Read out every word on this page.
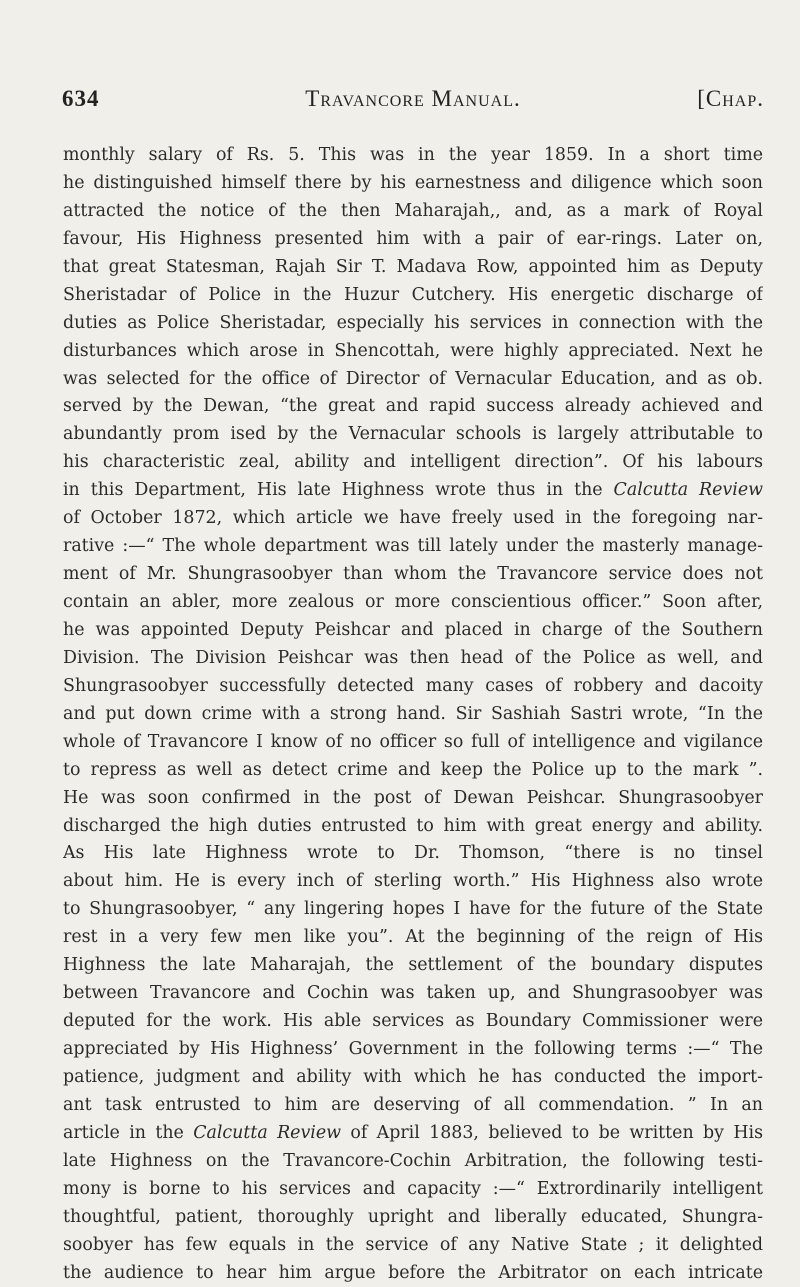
634	Travancore Manual.	[Chap.
monthly salary of Rs. 5. This was in the year 1859. In a short time
he distinguished himself there by his earnestness and diligence which soon
attracted the notice of the then Maharajah,, and, as a mark of Royal
favour, His Highness presented him with a pair of ear-rings. Later on,
that great Statesman, Rajah Sir T. Madava Row, appointed him as Deputy
Sheristadar of Police in the Huzur Cutchery. His energetic discharge of
duties as Police Sheristadar, especially his services in connection with the
disturbances which arose in Shencottah, were highly appreciated. Next he
was selected for the office of Director of Vernacular Education, and as ob.
served by the Dewan, “the great and rapid success already achieved and
abundantly prom ised by the Vernacular schools is largely attributable to
his characteristic zeal, ability and intelligent direction”. Of his labours
in this Department, His late Highness wrote thus in the Calcutta Review
of October 1872, which article we have freely used in the foregoing nar-
rative :—“ The whole department was till lately under the masterly manage-
ment of Mr. Shungrasoobyer than whom the Travancore service does not
contain an abler, more zealous or more conscientious officer.” Soon after,
he was appointed Deputy Peishcar and placed in charge of the Southern
Division. The Division Peishcar was then head of the Police as well, and
Shungrasoobyer successfully detected many cases of robbery and dacoity
and put down crime with a strong hand. Sir Sashiah Sastri wrote, “In the
whole of Travancore I know of no officer so full of intelligence and vigilance
to repress as well as detect crime and keep the Police up to the mark ”.
He was soon confirmed in the post of Dewan Peishcar. Shungrasoobyer
discharged the high duties entrusted to him with great energy and ability.
As His late Highness wrote to Dr. Thomson, “there is no tinsel
about him. He is every inch of sterling worth.” His Highness also wrote
to Shungrasoobyer, “ any lingering hopes I have for the future of the State
rest in a very few men like you”. At the beginning of the reign of His
Highness the late Maharajah, the settlement of the boundary disputes
between Travancore and Cochin was taken up, and Shungrasoobyer was
deputed for the work. His able services as Boundary Commissioner were
appreciated by His Highness’ Government in the following terms :—“ The
patience, judgment and ability with which he has conducted the import-
ant task entrusted to him are deserving of all commendation. ” In an
article in the Calcutta Review of April 1883, believed to be written by His
late Highness on the Travancore-Cochin Arbitration, the following testi-
mony is borne to his services and capacity :—“ Extrordinarily intelligent
thoughtful, patient, thoroughly upright and liberally educated, Shungra-
soobyer has few equals in the service of any Native State ; it delighted
the audience to hear him argue before the Arbitrator on each intricate
